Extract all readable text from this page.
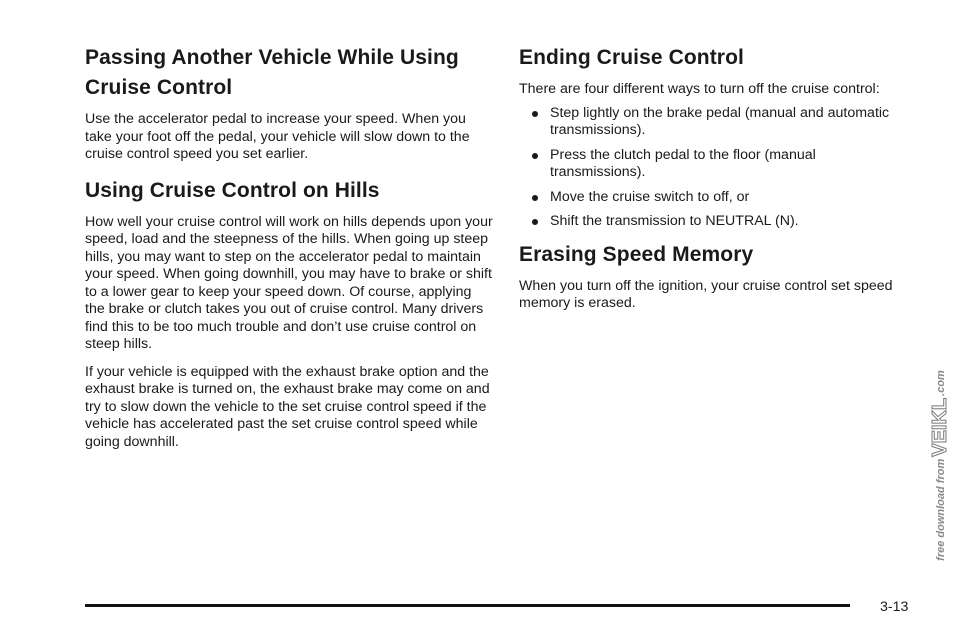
Passing Another Vehicle While Using Cruise Control

Use the accelerator pedal to increase your speed. When you take your foot off the pedal, your vehicle will slow down to the cruise control speed you set earlier.

Using Cruise Control on Hills

How well your cruise control will work on hills depends upon your speed, load and the steepness of the hills. When going up steep hills, you may want to step on the accelerator pedal to maintain your speed. When going downhill, you may have to brake or shift to a lower gear to keep your speed down. Of course, applying the brake or clutch takes you out of cruise control. Many drivers find this to be too much trouble and don’t use cruise control on steep hills.

If your vehicle is equipped with the exhaust brake option and the exhaust brake is turned on, the exhaust brake may come on and try to slow down the vehicle to the set cruise control speed if the vehicle has accelerated past the set cruise control speed while going downhill.

Ending Cruise Control

There are four different ways to turn off the cruise control:

Step lightly on the brake pedal (manual and automatic transmissions).
Press the clutch pedal to the floor (manual transmissions).
Move the cruise switch to off, or
Shift the transmission to NEUTRAL (N).
Erasing Speed Memory

When you turn off the ignition, your cruise control set speed memory is erased.

free download from
VEIKL
.com
3-13
